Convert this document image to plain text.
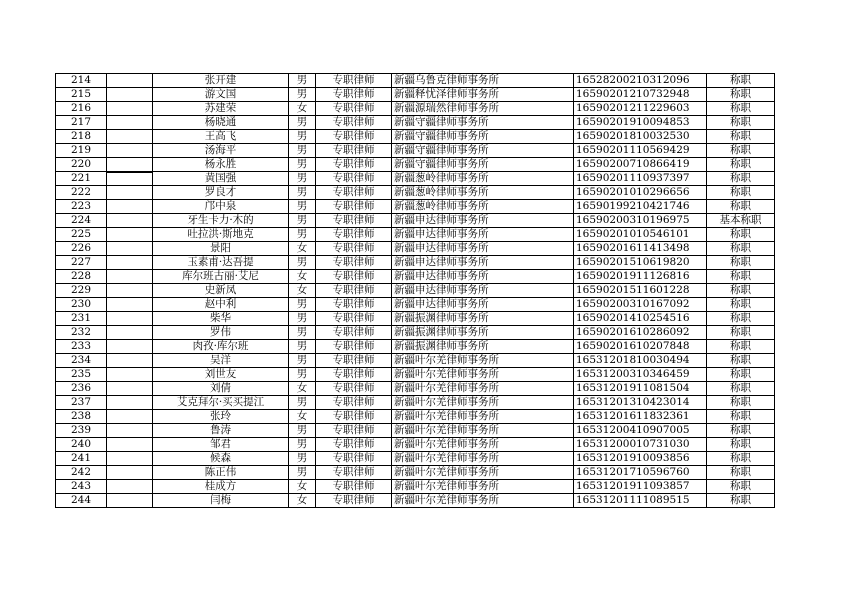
214		张开建	男	专职律师	新疆乌鲁克律师事务所	16528200210312096	称职
215		游文国	男	专职律师	新疆释忧泽律师事务所	16590201210732948	称职
216		苏建荣	女	专职律师	新疆源瑞然律师事务所	16590201211229603	称职
217		杨晓通	男	专职律师	新疆守疆律师事务所	16590201910094853	称职
218		王高飞	男	专职律师	新疆守疆律师事务所	16590201810032530	称职
219		汤海平	男	专职律师	新疆守疆律师事务所	16590201110569429	称职
220		杨永胜	男	专职律师	新疆守疆律师事务所	16590200710866419	称职
221		黄国强	男	专职律师	新疆葱岭律师事务所	16590201110937397	称职
222		罗良才	男	专职律师	新疆葱岭律师事务所	16590201010296656	称职
223		邝中泉	男	专职律师	新疆葱岭律师事务所	16590199210421746	称职
224		牙生卡力·木的	男	专职律师	新疆申达律师事务所	16590200310196975	基本称职
225		吐拉洪·斯地克	男	专职律师	新疆申达律师事务所	16590201010546101	称职
226		景阳	女	专职律师	新疆申达律师事务所	16590201611413498	称职
227		玉素甫·达吾提	男	专职律师	新疆申达律师事务所	16590201510619820	称职
228		库尔班古丽·艾尼	女	专职律师	新疆申达律师事务所	16590201911126816	称职
229		史新凤	女	专职律师	新疆申达律师事务所	16590201511601228	称职
230		赵中利	男	专职律师	新疆申达律师事务所	16590200310167092	称职
231		柴华	男	专职律师	新疆振渊律师事务所	16590201410254516	称职
232		罗伟	男	专职律师	新疆振渊律师事务所	16590201610286092	称职
233		肉孜·库尔班	男	专职律师	新疆振渊律师事务所	16590201610207848	称职
234		吴洋	男	专职律师	新疆叶尔羌律师事务所	16531201810030494	称职
235		刘世友	男	专职律师	新疆叶尔羌律师事务所	16531200310346459	称职
236		刘倩	女	专职律师	新疆叶尔羌律师事务所	16531201911081504	称职
237		艾克拜尔·买买提江	男	专职律师	新疆叶尔羌律师事务所	16531201310423014	称职
238		张玲	女	专职律师	新疆叶尔羌律师事务所	16531201611832361	称职
239		鲁涛	男	专职律师	新疆叶尔羌律师事务所	16531200410907005	称职
240		邹君	男	专职律师	新疆叶尔羌律师事务所	16531200010731030	称职
241		候森	男	专职律师	新疆叶尔羌律师事务所	16531201910093856	称职
242		陈正伟	男	专职律师	新疆叶尔羌律师事务所	16531201710596760	称职
243		桂成方	女	专职律师	新疆叶尔羌律师事务所	16531201911093857	称职
244		闫梅	女	专职律师	新疆叶尔羌律师事务所	16531201111089515	称职
